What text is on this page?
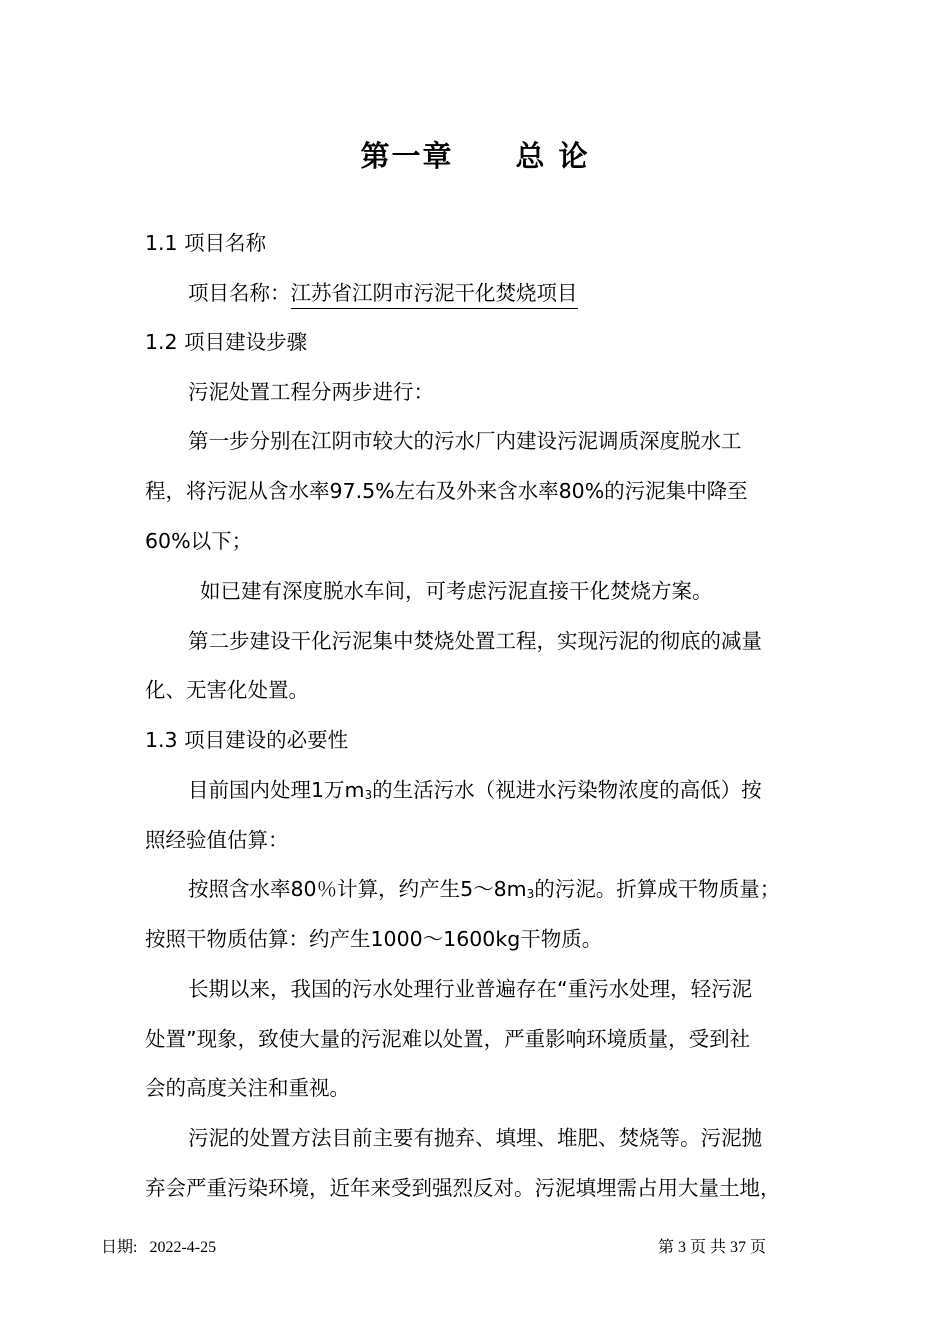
第一章　　总 论
1.1 项目名称
项目名称：江苏省江阴市污泥干化焚烧项目
1.2 项目建设步骤
污泥处置工程分两步进行：
第一步分别在江阴市较大的污水厂内建设污泥调质深度脱水工
程，将污泥从含水率97.5%左右及外来含水率80%的污泥集中降至
60%以下；
如已建有深度脱水车间，可考虑污泥直接干化焚烧方案。
第二步建设干化污泥集中焚烧处置工程，实现污泥的彻底的减量
化、无害化处置。
1.3 项目建设的必要性
目前国内处理1万$m_3$的生活污水（视进水污染物浓度的高低）按
照经验值估算：
按照含水率80％计算，约产生$5\sim 8m_3$的污泥。折算成干物质量；
按照干物质估算：约产生1000～1600kg干物质。
长期以来，我国的污水处理行业普遍存在“重污水处理，轻污泥
处置”现象，致使大量的污泥难以处置，严重影响环境质量，受到社
会的高度关注和重视。
污泥的处置方法目前主要有抛弃、填埋、堆肥、焚烧等。污泥抛
弃会严重污染环境，近年来受到强烈反对。污泥填埋需占用大量土地，
日期: 2022-4-25	第 3 页 共 37 页
